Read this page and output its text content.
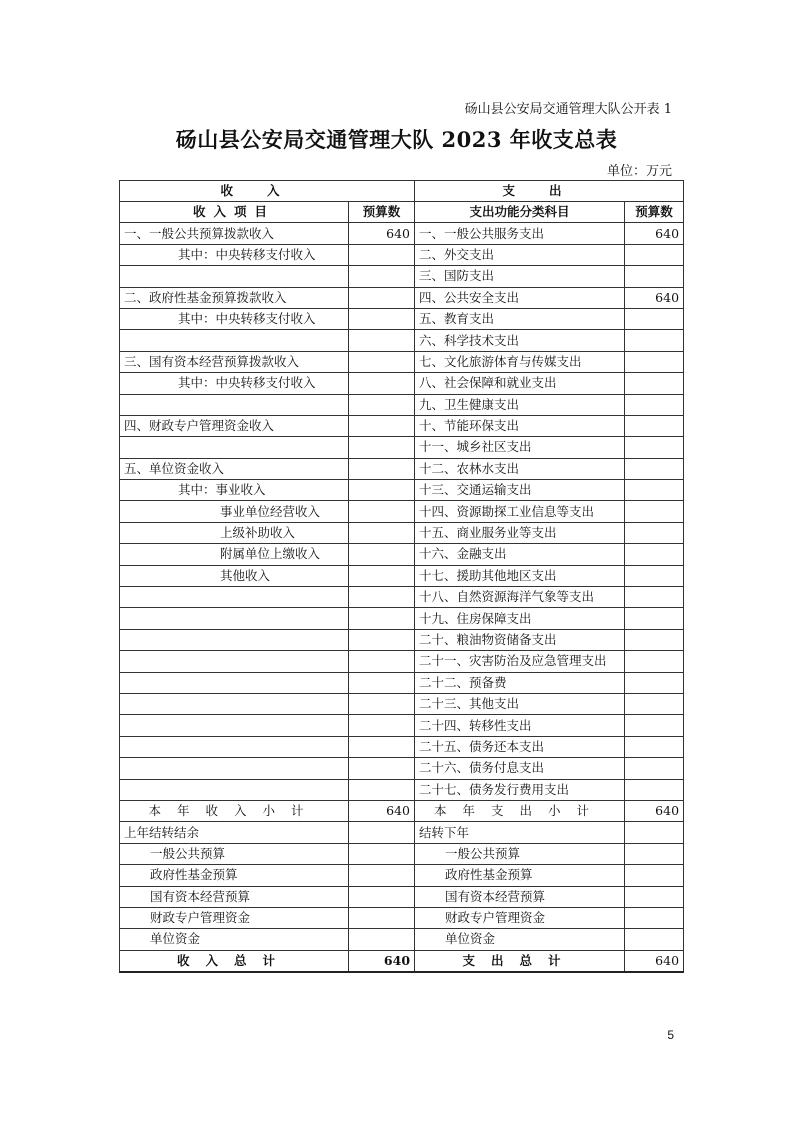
砀山县公安局交通管理大队公开表 1
砀山县公安局交通管理大队 2023 年收支总表
单位：万元
收入		支出	
收入项目	预算数	支出功能分类科目	预算数
一、一般公共预算拨款收入	640	一、一般公共服务支出	640
其中：中央转移支付收入		二、外交支出	
		三、国防支出	
二、政府性基金预算拨款收入		四、公共安全支出	640
其中：中央转移支付收入		五、教育支出	
		六、科学技术支出	
三、国有资本经营预算拨款收入		七、文化旅游体育与传媒支出	
其中：中央转移支付收入		八、社会保障和就业支出	
		九、卫生健康支出	
四、财政专户管理资金收入		十、节能环保支出	
		十一、城乡社区支出	
五、单位资金收入		十二、农林水支出	
其中：事业收入		十三、交通运输支出	
事业单位经营收入		十四、资源勘探工业信息等支出	
上级补助收入		十五、商业服务业等支出	
附属单位上缴收入		十六、金融支出	
其他收入		十七、援助其他地区支出	
		十八、自然资源海洋气象等支出	
		十九、住房保障支出	
		二十、粮油物资储备支出	
		二十一、灾害防治及应急管理支出	
		二十二、预备费	
		二十三、其他支出	
		二十四、转移性支出	
		二十五、债务还本支出	
		二十六、债务付息支出	
		二十七、债务发行费用支出	
本年收入小计	640	本年支出小计	640
上年结转结余		结转下年	
一般公共预算		一般公共预算	
政府性基金预算		政府性基金预算	
国有资本经营预算		国有资本经营预算	
财政专户管理资金		财政专户管理资金	
单位资金		单位资金	
收入总计	640	支出总计	640
5
